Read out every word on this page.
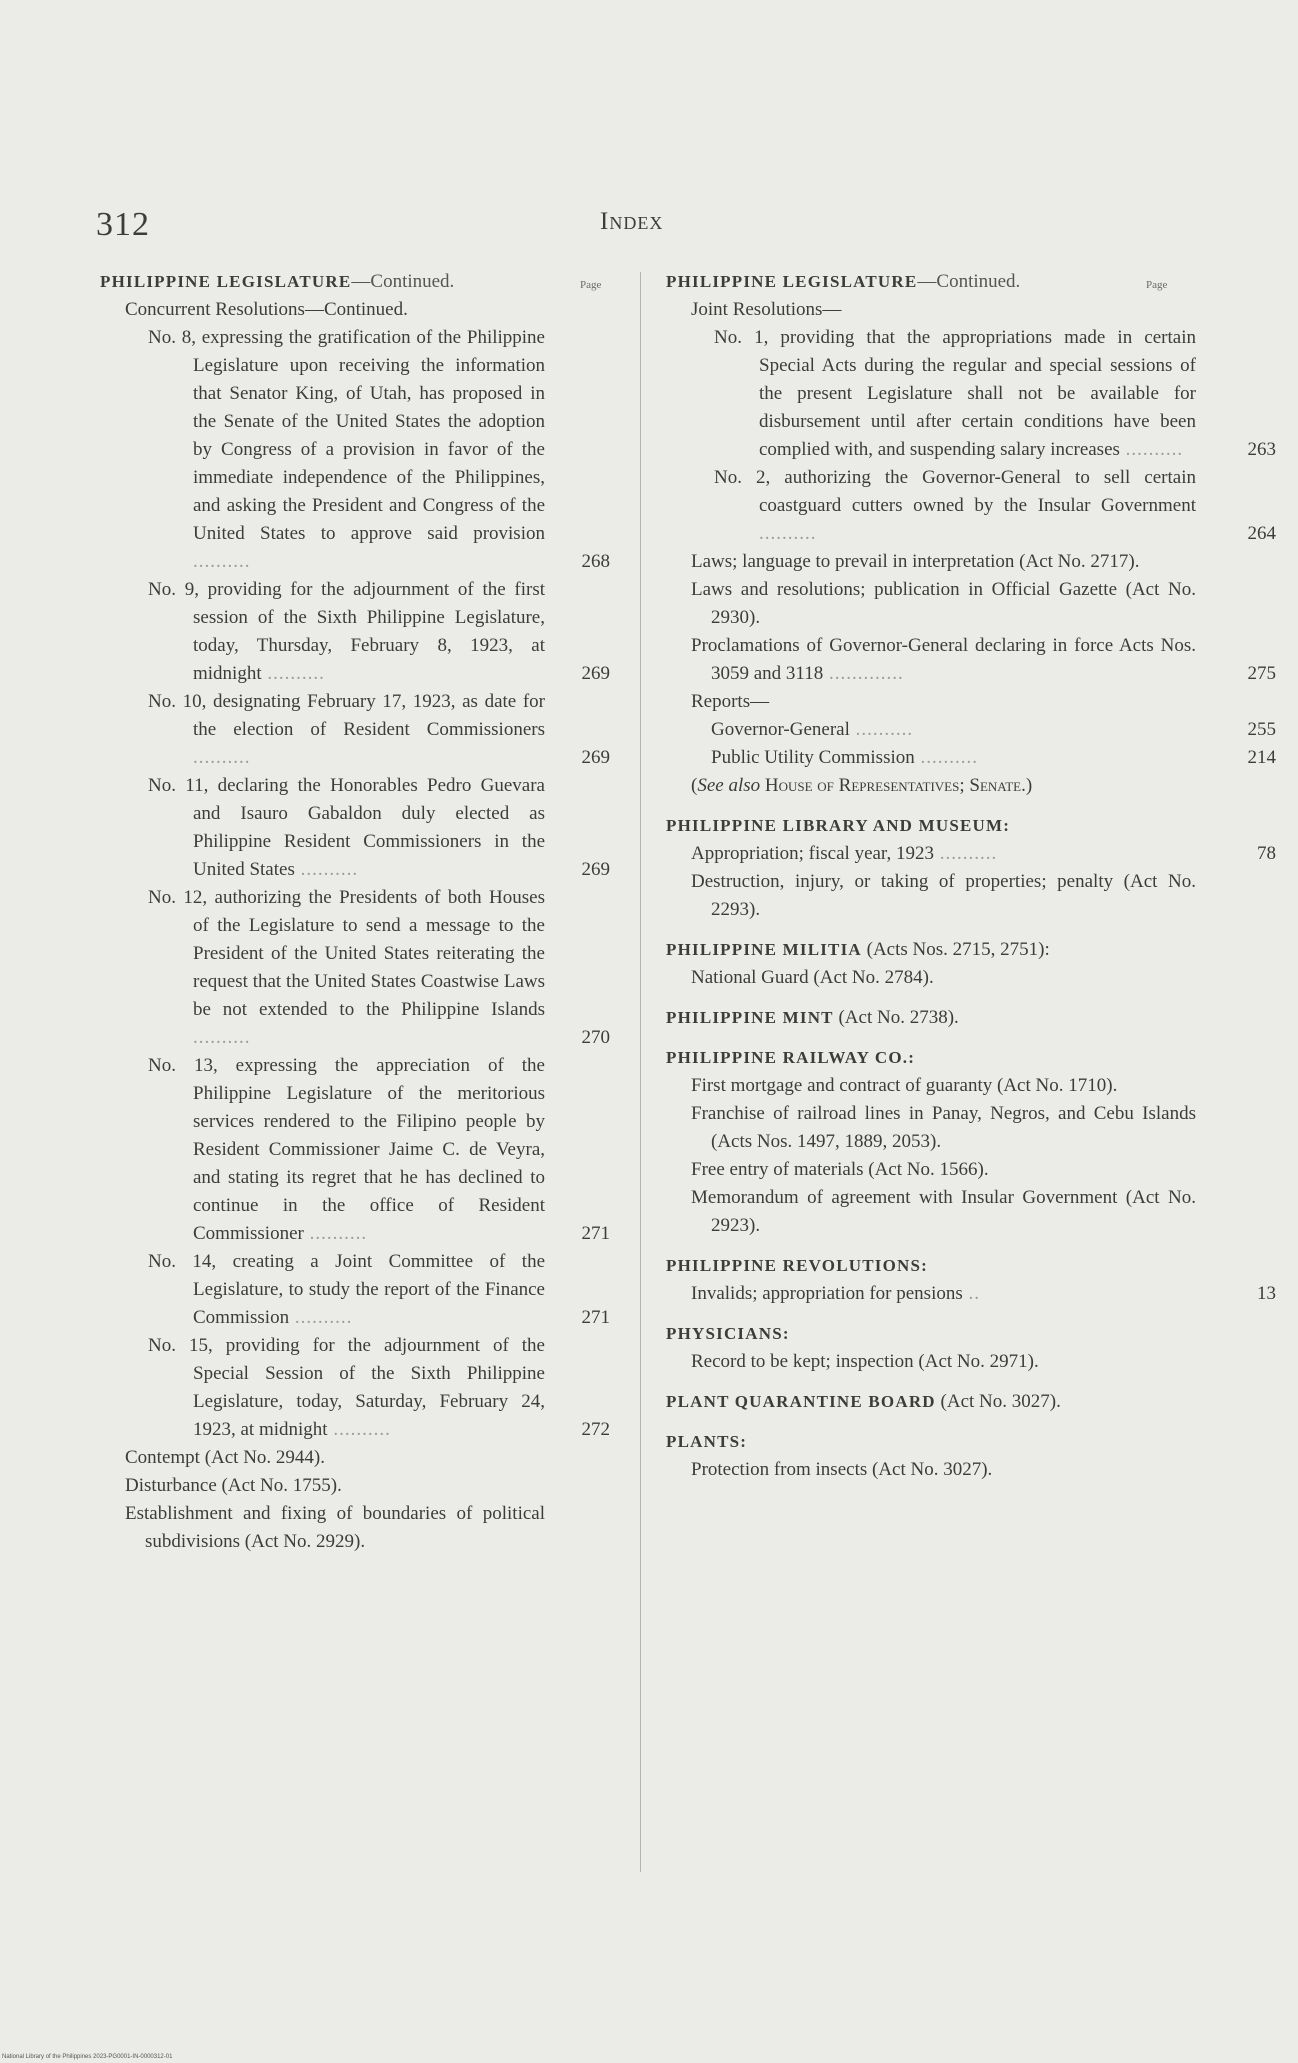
312	Index
PHILIPPINE LEGISLATURE—Continued.	Page
Concurrent Resolutions—Continued.
No. 8, expressing the gratification of the Philippine Legislature upon receiving the information that Senator King, of Utah, has proposed in the Senate of the United States the adoption by Congress of a provision in favor of the immediate independence of the Philippines, and asking the President and Congress of the United States to approve said provision ..........	268
No. 9, providing for the adjournment of the first session of the Sixth Philippine Legislature, today, Thursday, February 8, 1923, at midnight ..........	269
No. 10, designating February 17, 1923, as date for the election of Resident Commissioners ..........	269
No. 11, declaring the Honorables Pedro Guevara and Isauro Gabaldon duly elected as Philippine Resident Commissioners in the United States ..........	269
No. 12, authorizing the Presidents of both Houses of the Legislature to send a message to the President of the United States reiterating the request that the United States Coastwise Laws be not extended to the Philippine Islands ..........	270
No. 13, expressing the appreciation of the Philippine Legislature of the meritorious services rendered to the Filipino people by Resident Commissioner Jaime C. de Veyra, and stating its regret that he has declined to continue in the office of Resident Commissioner ..........	271
No. 14, creating a Joint Committee of the Legislature, to study the report of the Finance Commission ..........	271
No. 15, providing for the adjournment of the Special Session of the Sixth Philippine Legislature, today, Saturday, February 24, 1923, at midnight ..........	272
Contempt (Act No. 2944).
Disturbance (Act No. 1755).
Establishment and fixing of boundaries of political subdivisions (Act No. 2929).
PHILIPPINE LEGISLATURE—Continued.	Page
Joint Resolutions—
No. 1, providing that the appropriations made in certain Special Acts during the regular and special sessions of the present Legislature shall not be available for disbursement until after certain conditions have been complied with, and suspending salary increases ..........	263
No. 2, authorizing the Governor-General to sell certain coastguard cutters owned by the Insular Government ..........	264
Laws; language to prevail in interpretation (Act No. 2717).
Laws and resolutions; publication in Official Gazette (Act No. 2930).
Proclamations of Governor-General declaring in force Acts Nos. 3059 and 3118 .............	275
Reports—
Governor-General ..........	255
Public Utility Commission ..........	214
(See also House of Representatives; Senate.)
PHILIPPINE LIBRARY AND MUSEUM:
Appropriation; fiscal year, 1923 ..........	78
Destruction, injury, or taking of properties; penalty (Act No. 2293).
PHILIPPINE MILITIA (Acts Nos. 2715, 2751):
National Guard (Act No. 2784).
PHILIPPINE MINT (Act No. 2738).
PHILIPPINE RAILWAY CO.:
First mortgage and contract of guaranty (Act No. 1710).
Franchise of railroad lines in Panay, Negros, and Cebu Islands (Acts Nos. 1497, 1889, 2053).
Free entry of materials (Act No. 1566).
Memorandum of agreement with Insular Government (Act No. 2923).
PHILIPPINE REVOLUTIONS:
Invalids; appropriation for pensions ..	13
PHYSICIANS:
Record to be kept; inspection (Act No. 2971).
PLANT QUARANTINE BOARD (Act No. 3027).
PLANTS:
Protection from insects (Act No. 3027).
National Library of the Philippines 2023-PG0001-IN-0000312-01
